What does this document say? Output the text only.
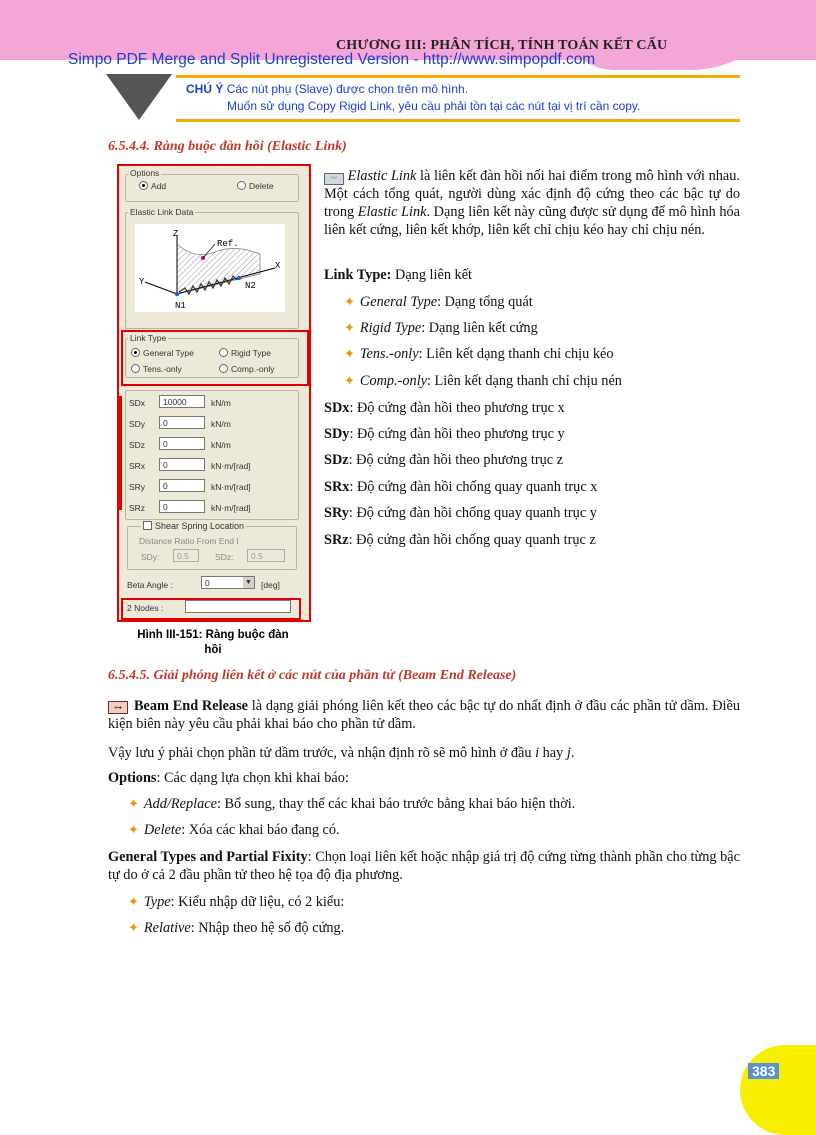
CHƯƠNG III: PHÂN TÍCH, TÍNH TOÁN KẾT CẤU
Simpo PDF Merge and Split Unregistered Version - http://www.simpopdf.com
CHÚ Ý Các nút phụ (Slave) được chọn trên mô hình.
Muốn sử dụng Copy Rigid Link, yêu cầu phải tồn tại các nút tại vị trí cần copy.
6.5.4.4. Ràng buộc đàn hồi (Elastic Link)
Options
Add	Delete
Elastic Link Data
Z
Ref.
X
Y
N1
N2
Link Type
General Type	Rigid Type
Tens.-only	Comp.-only
SDx	10000	kN/m
SDy	0	kN/m
SDz	0	kN/m
SRx	0	kN·m/[rad]
SRy	0	kN·m/[rad]
SRz	0	kN·m/[rad]
Shear Spring Location
Distance Ratio From End I
SDy:	0.5	SDz:	0.5
Beta Angle :	0	▼ [deg]
2 Nodes :
Hình III-151: Ràng buộc đàn
hồi
〰 Elastic Link là liên kết đàn hồi nối hai điểm trong mô hình với nhau. Một cách tổng quát, người dùng xác định độ cứng theo các bậc tự do trong Elastic Link. Dạng liên kết này cũng được sử dụng để mô hình hóa liên kết cứng, liên kết khớp, liên kết chỉ chịu kéo hay chỉ chịu nén.
Link Type: Dạng liên kết
✦ General Type: Dạng tổng quát
✦ Rigid Type: Dạng liên kết cứng
✦ Tens.-only: Liên kết dạng thanh chỉ chịu kéo
✦ Comp.-only: Liên kết dạng thanh chỉ chịu nén
SDx: Độ cứng đàn hồi theo phương trục x
SDy: Độ cứng đàn hồi theo phương trục y
SDz: Độ cứng đàn hồi theo phương trục z
SRx: Độ cứng đàn hồi chống quay quanh trục x
SRy: Độ cứng đàn hồi chống quay quanh trục y
SRz: Độ cứng đàn hồi chống quay quanh trục z
6.5.4.5. Giải phóng liên kết ở các nút của phần tử (Beam End Release)
⊶ Beam End Release là dạng giải phóng liên kết theo các bậc tự do nhất định ở đầu các phần tử dầm. Điều kiện biên này yêu cầu phải khai báo cho phần tử dầm.
Vậy lưu ý phải chọn phần tử dầm trước, và nhận định rõ sẽ mô hình ở đầu i hay j.
Options: Các dạng lựa chọn khi khai báo:
✦ Add/Replace: Bổ sung, thay thế các khai báo trước bằng khai báo hiện thời.
✦ Delete: Xóa các khai báo đang có.
General Types and Partial Fixity: Chọn loại liên kết hoặc nhập giá trị độ cứng từng thành phần cho từng bậc tự do ở cả 2 đầu phần tử theo hệ tọa độ địa phương.
✦ Type: Kiểu nhập dữ liệu, có 2 kiểu:
✦ Relative: Nhập theo hệ số độ cứng.
383
